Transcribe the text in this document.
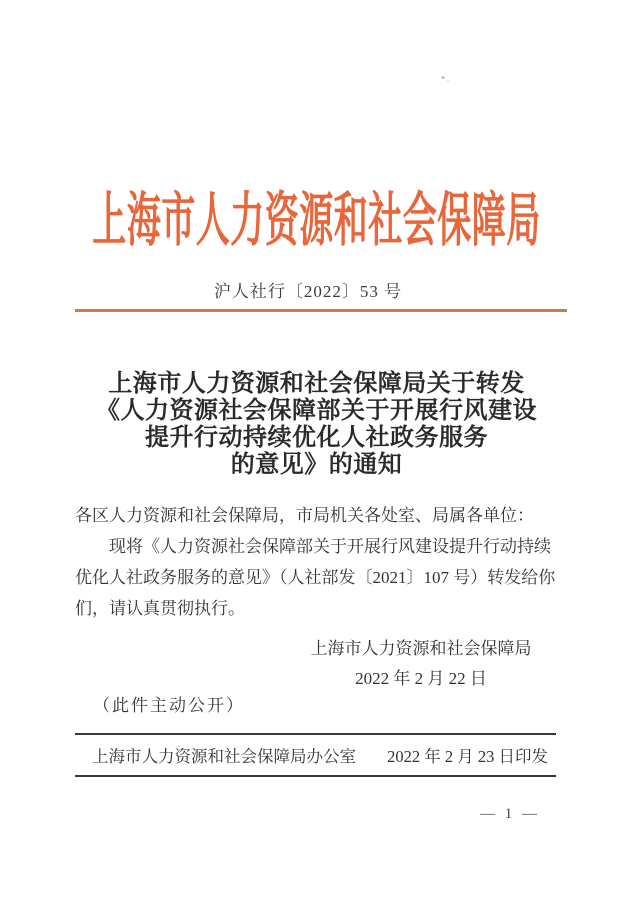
上海市人力资源和社会保障局
沪人社行〔2022〕53 号
上海市人力资源和社会保障局关于转发
《人力资源社会保障部关于开展行风建设
提升行动持续优化人社政务服务
的意见》的通知
各区人力资源和社会保障局，市局机关各处室、局属各单位：
现将《人力资源社会保障部关于开展行风建设提升行动持续
优化人社政务服务的意见》（人社部发〔2021〕107 号）转发给你
们，请认真贯彻执行。
上海市人力资源和社会保障局
2022 年 2 月 22 日
（此件主动公开）
上海市人力资源和社会保障局办公室 2022 年 2 月 23 日印发
— 1 —
